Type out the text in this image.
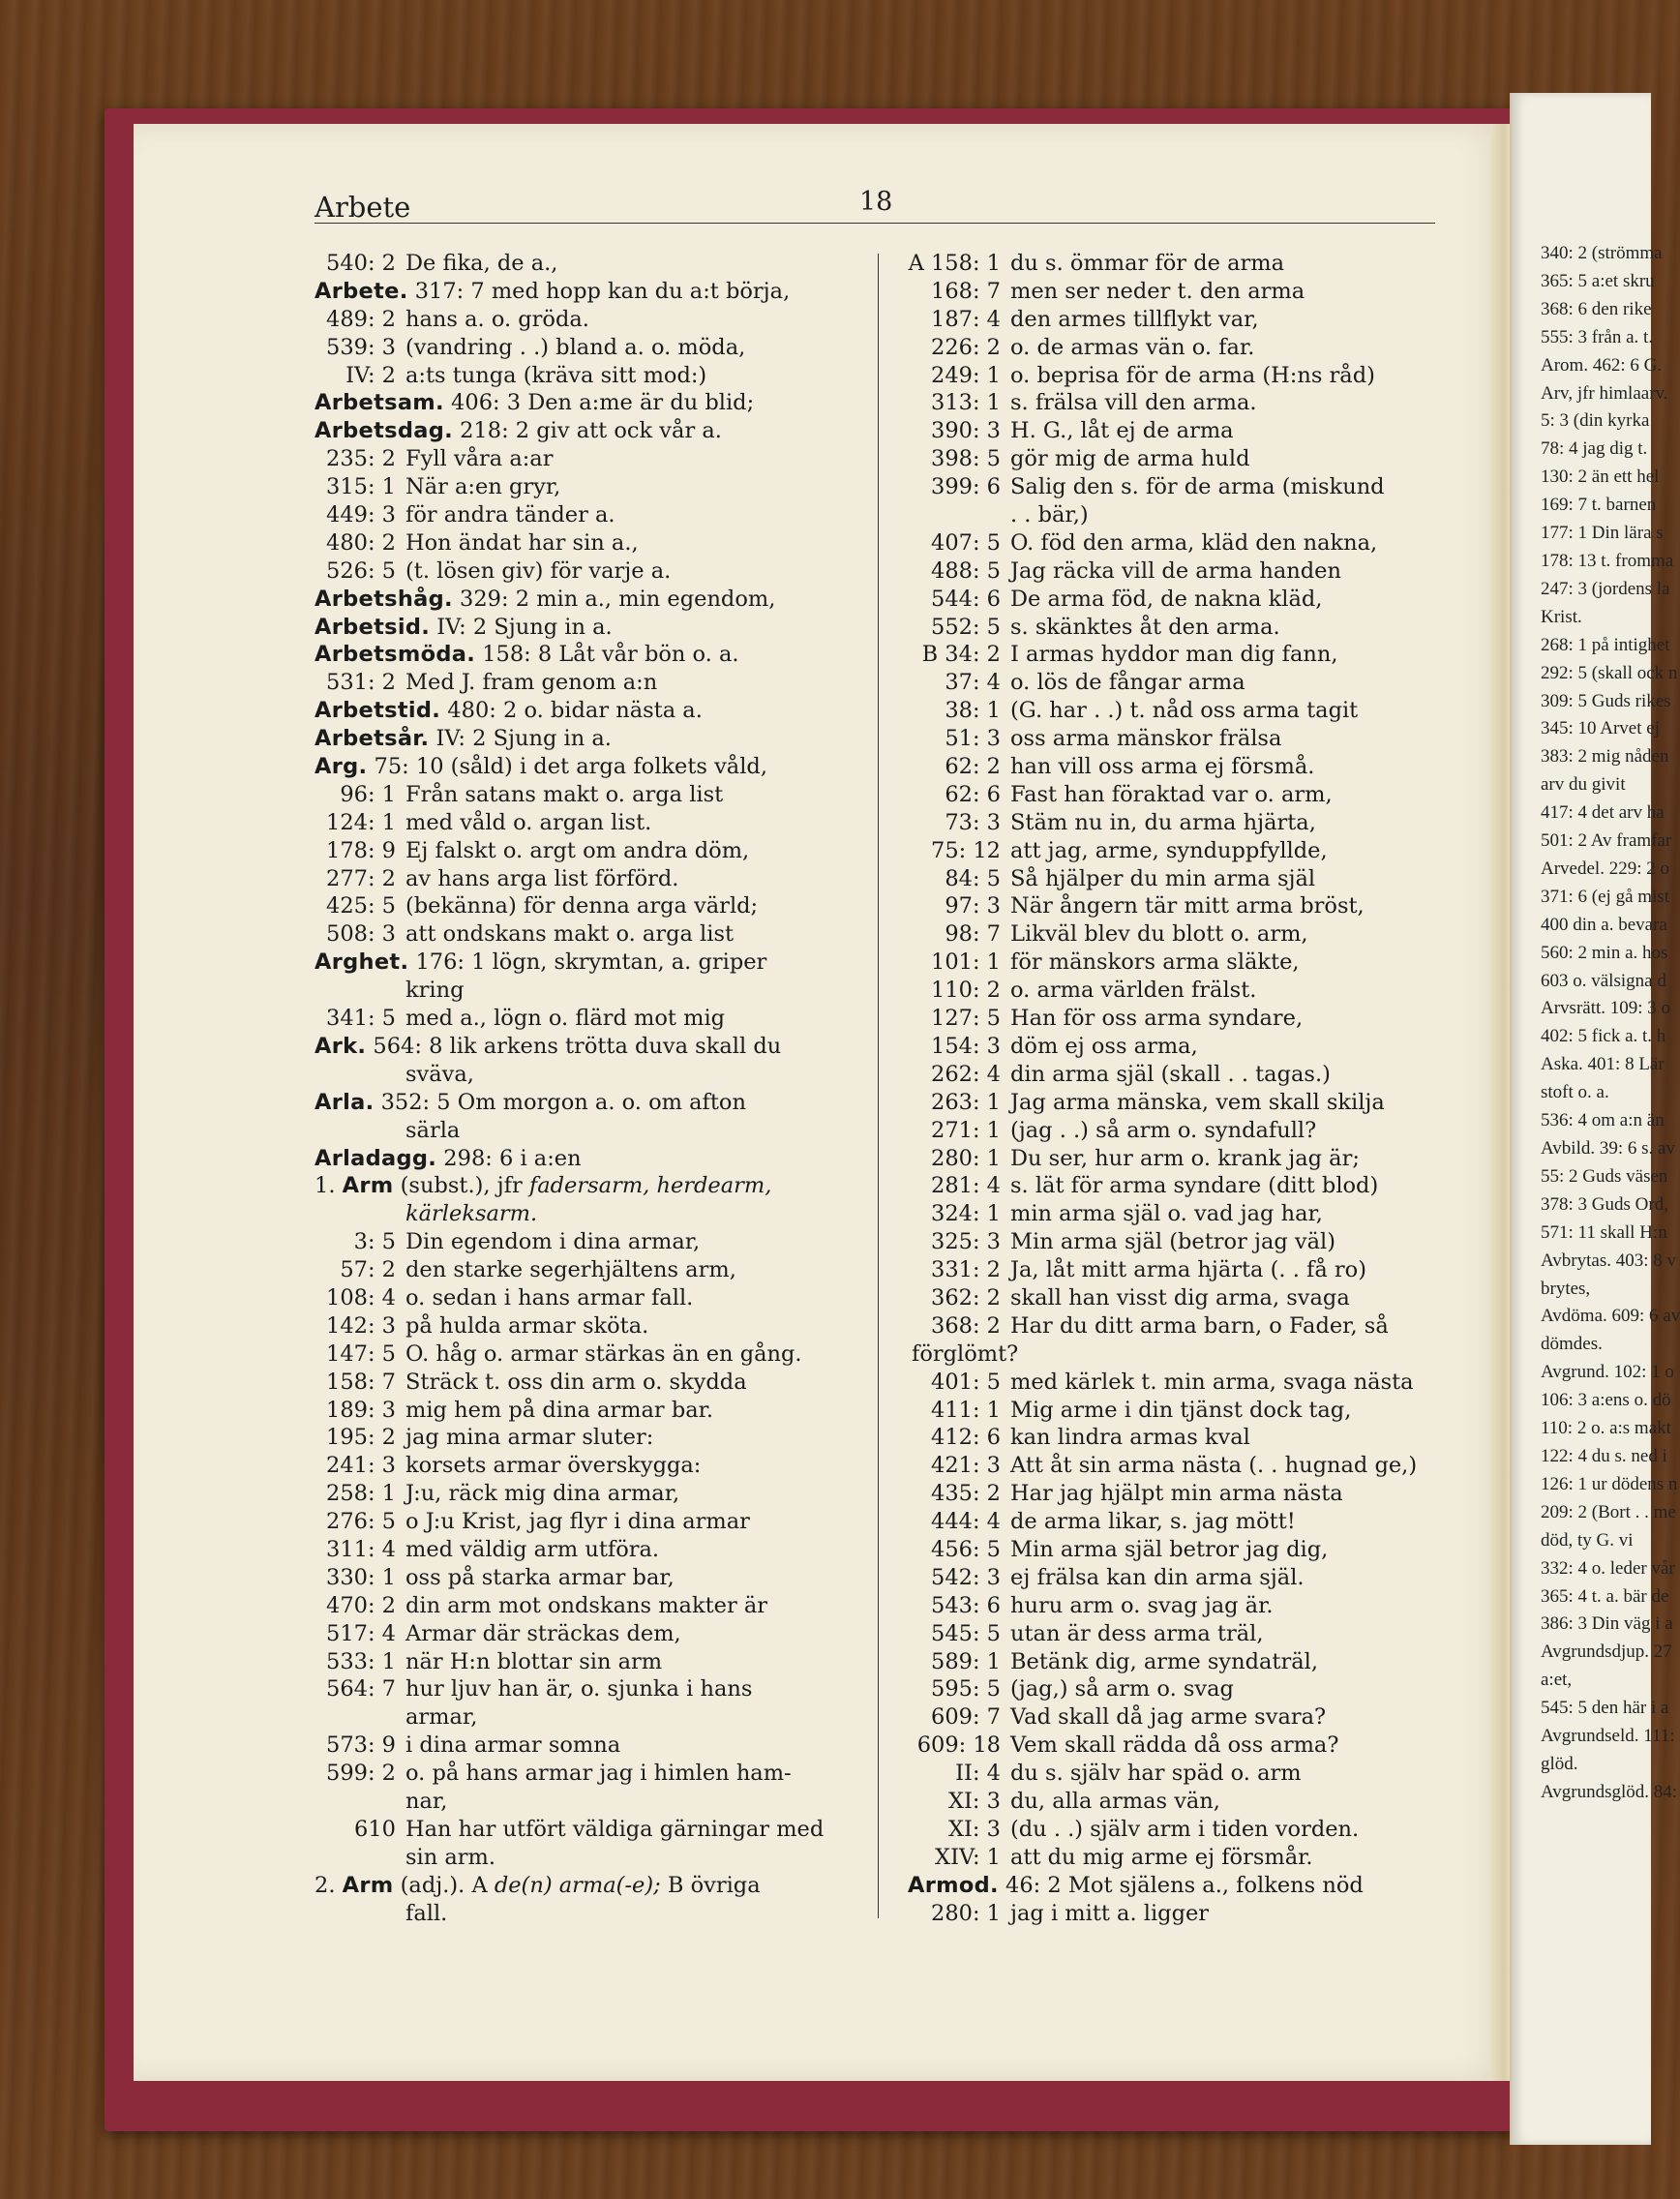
340: 2 (strömma
365: 5 a:et skru
368: 6 den rike
555: 3 från a. t.
Arom. 462: 6 G.
Arv, jfr himlaarv.
5: 3 (din kyrka
78: 4 jag dig t.
130: 2 än ett hel
169: 7 t. barnen
177: 1 Din lära s
178: 13 t. fromma
247: 3 (jordens la
Krist.
268: 1 på intighet
292: 5 (skall ock n
309: 5 Guds rikes
345: 10 Arvet ej
383: 2 mig nåden
arv du givit
417: 4 det arv ha
501: 2 Av framfar
Arvedel. 229: 2 o
371: 6 (ej gå mist
400 din a. bevara
560: 2 min a. hos
603 o. välsigna d
Arvsrätt. 109: 3 o
402: 5 fick a. t. h
Aska. 401: 8 Lär
stoft o. a.
536: 4 om a:n än
Avbild. 39: 6 s. av
55: 2 Guds väsen
378: 3 Guds Ord,
571: 11 skall H:n
Avbrytas. 403: 8 v
brytes,
Avdöma. 609: 6 av
dömdes.
Avgrund. 102: 1 o
106: 3 a:ens o. dö
110: 2 o. a:s makt
122: 4 du s. ned i
126: 1 ur dödens n
209: 2 (Bort . . me
död, ty G. vi
332: 4 o. leder vår
365: 4 t. a. bär de
386: 3 Din väg i a
Avgrundsdjup. 27
a:et,
545: 5 den här i a
Avgrundseld. 111:
glöd.
Avgrundsglöd. 84:
Arbete	18
540: 2 De fika, de a.,
Arbete. 317: 7 med hopp kan du a:t börja,
489: 2 hans a. o. gröda.
539: 3 (vandring . .) bland a. o. möda,
IV: 2 a:ts tunga (kräva sitt mod:)
Arbetsam. 406: 3 Den a:me är du blid;
Arbetsdag. 218: 2 giv att ock vår a.
235: 2 Fyll våra a:ar
315: 1 När a:en gryr,
449: 3 för andra tänder a.
480: 2 Hon ändat har sin a.,
526: 5 (t. lösen giv) för varje a.
Arbetshåg. 329: 2 min a., min egendom,
Arbetsid. IV: 2 Sjung in a.
Arbetsmöda. 158: 8 Låt vår bön o. a.
531: 2 Med J. fram genom a:n
Arbetstid. 480: 2 o. bidar nästa a.
Arbetsår. IV: 2 Sjung in a.
Arg. 75: 10 (såld) i det arga folkets våld,
96: 1 Från satans makt o. arga list
124: 1 med våld o. argan list.
178: 9 Ej falskt o. argt om andra döm,
277: 2 av hans arga list förförd.
425: 5 (bekänna) för denna arga värld;
508: 3 att ondskans makt o. arga list
Arghet. 176: 1 lögn, skrymtan, a. griper
kring
341: 5 med a., lögn o. flärd mot mig
Ark. 564: 8 lik arkens trötta duva skall du
sväva,
Arla. 352: 5 Om morgon a. o. om afton
särla
Arladagg. 298: 6 i a:en
1. Arm (subst.), jfr fadersarm, herdearm,
kärleksarm.
3: 5 Din egendom i dina armar,
57: 2 den starke segerhjältens arm,
108: 4 o. sedan i hans armar fall.
142: 3 på hulda armar sköta.
147: 5 O. håg o. armar stärkas än en gång.
158: 7 Sträck t. oss din arm o. skydda
189: 3 mig hem på dina armar bar.
195: 2 jag mina armar sluter:
241: 3 korsets armar överskygga:
258: 1 J:u, räck mig dina armar,
276: 5 o J:u Krist, jag flyr i dina armar
311: 4 med väldig arm utföra.
330: 1 oss på starka armar bar,
470: 2 din arm mot ondskans makter är
517: 4 Armar där sträckas dem,
533: 1 när H:n blottar sin arm
564: 7 hur ljuv han är, o. sjunka i hans
armar,
573: 9 i dina armar somna
599: 2 o. på hans armar jag i himlen ham-
nar,
610 Han har utfört väldiga gärningar med
sin arm.
2. Arm (adj.). A de(n) arma(-e); B övriga
fall.
A 158: 1 du s. ömmar för de arma
168: 7 men ser neder t. den arma
187: 4 den armes tillflykt var,
226: 2 o. de armas vän o. far.
249: 1 o. beprisa för de arma (H:ns råd)
313: 1 s. frälsa vill den arma.
390: 3 H. G., låt ej de arma
398: 5 gör mig de arma huld
399: 6 Salig den s. för de arma (miskund
. . bär,)
407: 5 O. föd den arma, kläd den nakna,
488: 5 Jag räcka vill de arma handen
544: 6 De arma föd, de nakna kläd,
552: 5 s. skänktes åt den arma.
B 34: 2 I armas hyddor man dig fann,
37: 4 o. lös de fångar arma
38: 1 (G. har . .) t. nåd oss arma tagit
51: 3 oss arma mänskor frälsa
62: 2 han vill oss arma ej försmå.
62: 6 Fast han föraktad var o. arm,
73: 3 Stäm nu in, du arma hjärta,
75: 12 att jag, arme, synduppfyllde,
84: 5 Så hjälper du min arma själ
97: 3 När ångern tär mitt arma bröst,
98: 7 Likväl blev du blott o. arm,
101: 1 för mänskors arma släkte,
110: 2 o. arma världen frälst.
127: 5 Han för oss arma syndare,
154: 3 döm ej oss arma,
262: 4 din arma själ (skall . . tagas.)
263: 1 Jag arma mänska, vem skall skilja
271: 1 (jag . .) så arm o. syndafull?
280: 1 Du ser, hur arm o. krank jag är;
281: 4 s. lät för arma syndare (ditt blod)
324: 1 min arma själ o. vad jag har,
325: 3 Min arma själ (betror jag väl)
331: 2 Ja, låt mitt arma hjärta (. . få ro)
362: 2 skall han visst dig arma, svaga
368: 2 Har du ditt arma barn, o Fader, så
förglömt?
401: 5 med kärlek t. min arma, svaga nästa
411: 1 Mig arme i din tjänst dock tag,
412: 6 kan lindra armas kval
421: 3 Att åt sin arma nästa (. . hugnad ge,)
435: 2 Har jag hjälpt min arma nästa
444: 4 de arma likar, s. jag mött!
456: 5 Min arma själ betror jag dig,
542: 3 ej frälsa kan din arma själ.
543: 6 huru arm o. svag jag är.
545: 5 utan är dess arma träl,
589: 1 Betänk dig, arme syndaträl,
595: 5 (jag,) så arm o. svag
609: 7 Vad skall då jag arme svara?
609: 18 Vem skall rädda då oss arma?
II: 4 du s. själv har späd o. arm
XI: 3 du, alla armas vän,
XI: 3 (du . .) själv arm i tiden vorden.
XIV: 1 att du mig arme ej försmår.
Armod. 46: 2 Mot själens a., folkens nöd
280: 1 jag i mitt a. ligger
